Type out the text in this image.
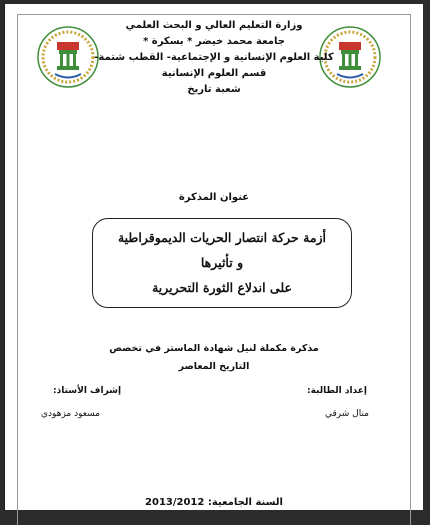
وزارة التعليم العالي و البحث العلمي
جامعة محمد خيضر * بسكرة *
كلية العلوم الإنسانية و الإجتماعية- القطب شتمة-
قسم العلوم الإنسانية
شعبة تاريخ
عنوان المذكرة
أزمة حركة انتصار الحريات الديموقراطية
و تأثيرها
على اندلاع الثورة التحريرية
مذكرة مكملة لنيل شهادة الماستر في تخصص
التاريخ المعاصر
إعداد الطالبة:
منال شرقي
إشراف الأستاذ:
مسعود مزهودي
السنة الجامعية: 2013/2012
